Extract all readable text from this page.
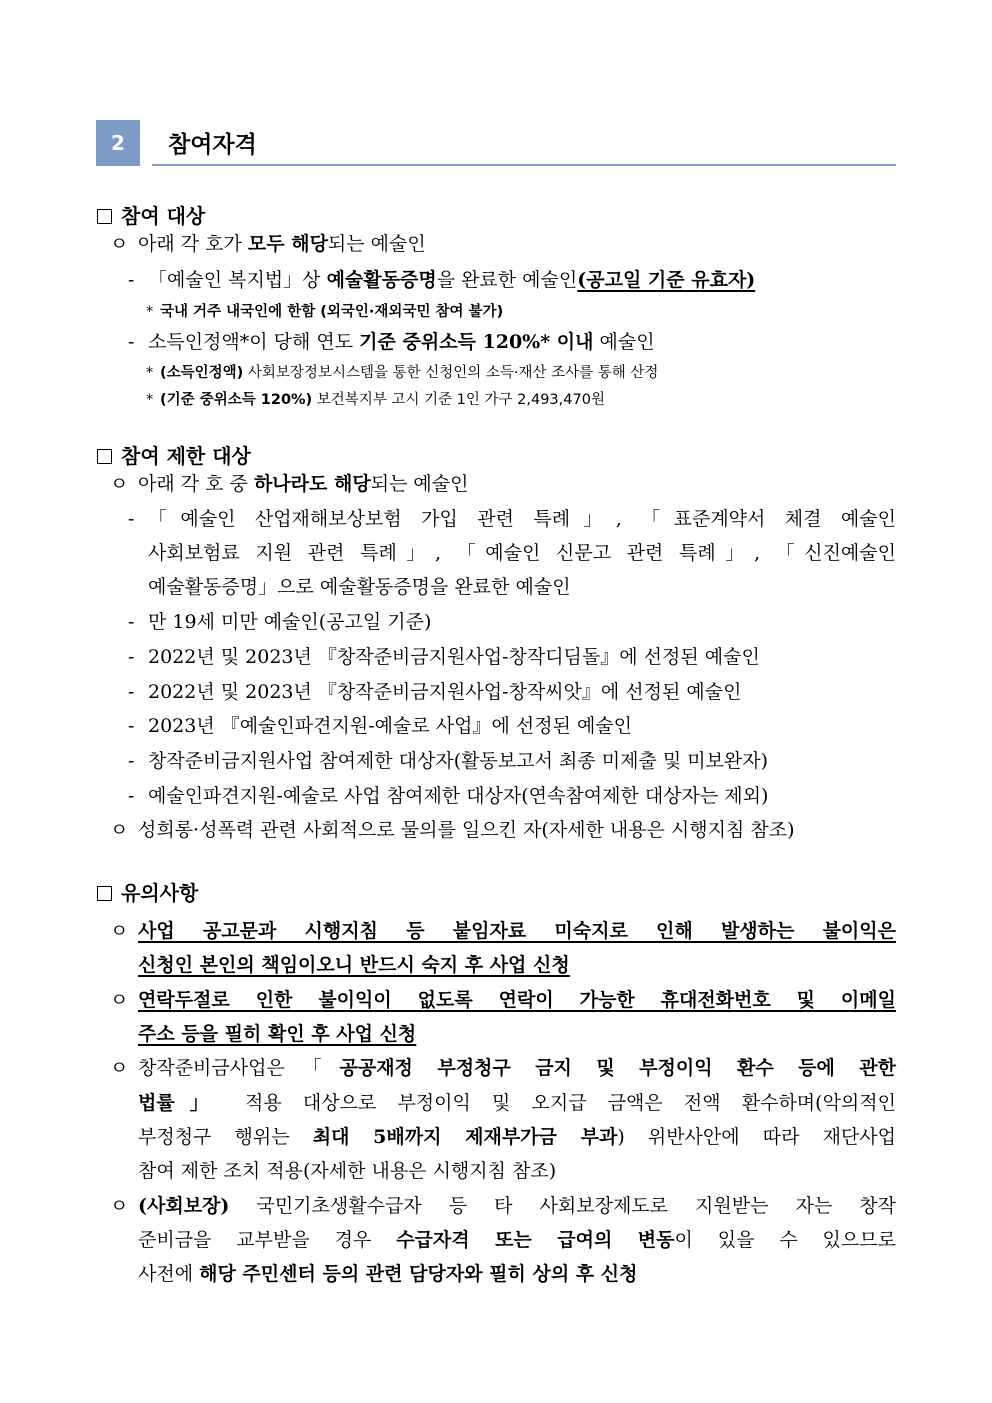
2	참여자격
참여 대상
ㅇ 아래 각 호가 모두 해당되는 예술인
- 「예술인 복지법」상 예술활동증명을 완료한 예술인(공고일 기준 유효자)
* 국내 거주 내국인에 한함 (외국인·재외국민 참여 불가)
- 소득인정액*이 당해 연도 기준 중위소득 120%* 이내 예술인
* (소득인정액) 사회보장정보시스템을 통한 신청인의 소득·재산 조사를 통해 산정
* (기준 중위소득 120%) 보건복지부 고시 기준 1인 가구 2,493,470원
참여 제한 대상
ㅇ 아래 각 호 중 하나라도 해당되는 예술인
- 「예술인 산업재해보상보험 가입 관련 특례」, 「표준계약서 체결 예술인
사회보험료 지원 관련 특례」, 「예술인 신문고 관련 특례」, 「신진예술인
예술활동증명」으로 예술활동증명을 완료한 예술인
- 만 19세 미만 예술인(공고일 기준)
- 2022년 및 2023년 『창작준비금지원사업-창작디딤돌』에 선정된 예술인
- 2022년 및 2023년 『창작준비금지원사업-창작씨앗』에 선정된 예술인
- 2023년 『예술인파견지원-예술로 사업』에 선정된 예술인
- 창작준비금지원사업 참여제한 대상자(활동보고서 최종 미제출 및 미보완자)
- 예술인파견지원-예술로 사업 참여제한 대상자(연속참여제한 대상자는 제외)
ㅇ 성희롱·성폭력 관련 사회적으로 물의를 일으킨 자(자세한 내용은 시행지침 참조)
유의사항
ㅇ 사업 공고문과 시행지침 등 붙임자료 미숙지로 인해 발생하는 불이익은
신청인 본인의 책임이오니 반드시 숙지 후 사업 신청
ㅇ 연락두절로 인한 불이익이 없도록 연락이 가능한 휴대전화번호 및 이메일
주소 등을 필히 확인 후 사업 신청
ㅇ 창작준비금사업은「공공재정 부정청구 금지 및 부정이익 환수 등에 관한
법률」 적용 대상으로 부정이익 및 오지급 금액은 전액 환수하며(악의적인
부정청구 행위는 최대 5배까지 제재부가금 부과) 위반사안에 따라 재단사업
참여 제한 조치 적용(자세한 내용은 시행지침 참조)
ㅇ (사회보장) 국민기초생활수급자 등 타 사회보장제도로 지원받는 자는 창작
준비금을 교부받을 경우 수급자격 또는 급여의 변동이 있을 수 있으므로
사전에 해당 주민센터 등의 관련 담당자와 필히 상의 후 신청
